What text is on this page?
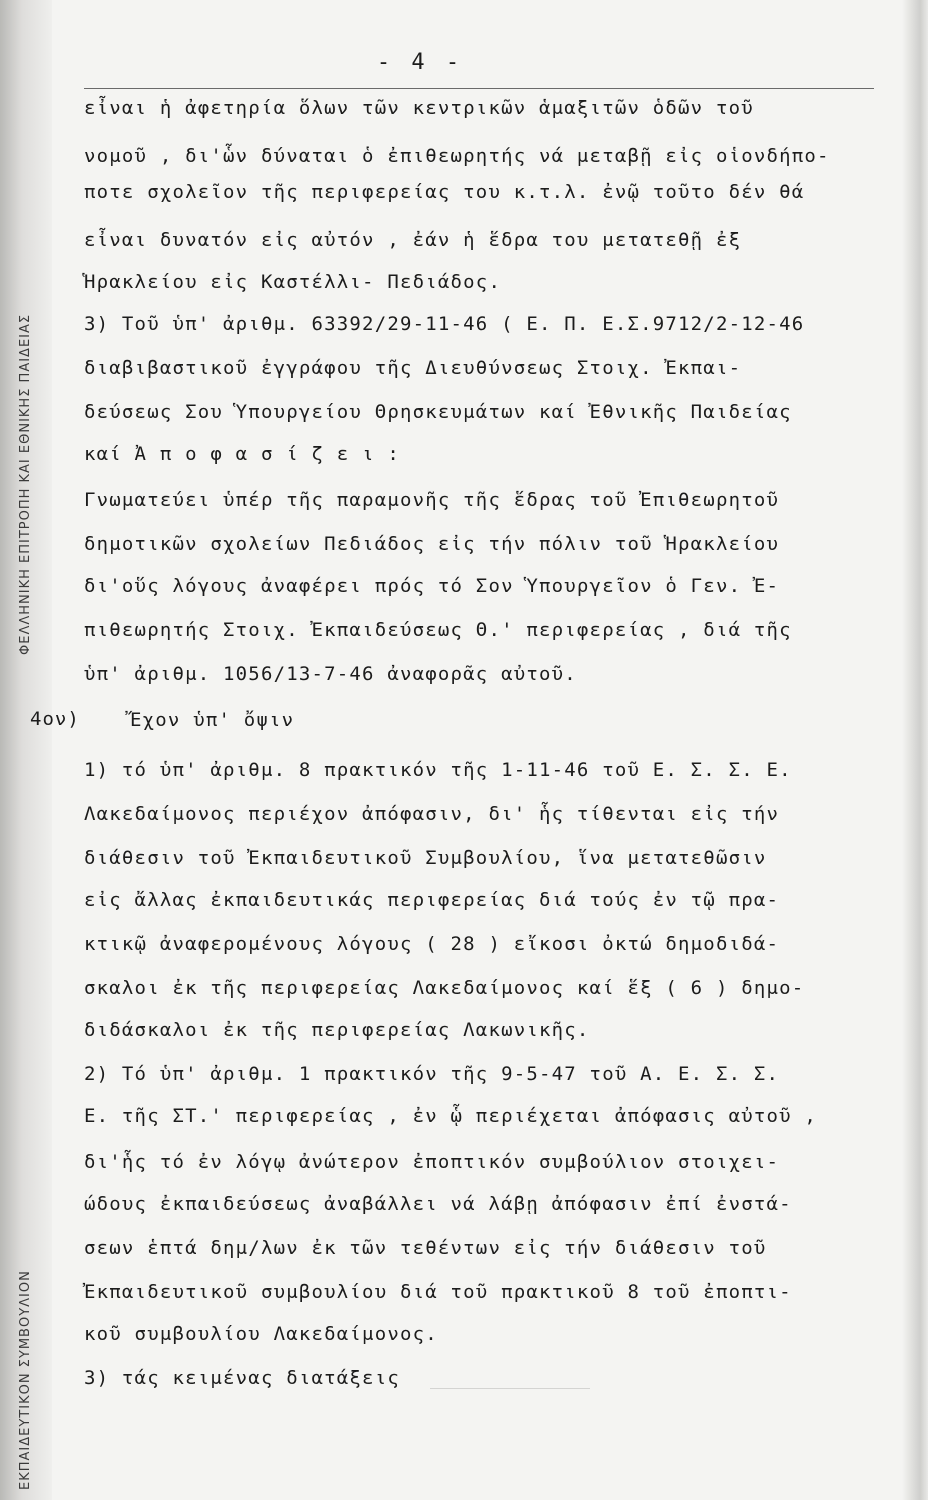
ΦΕΛΛΗΝΙΚΗ ΕΠΙΤΡΟΠΗ ΚΑΙ ΕΘΝΙΚΗΣ ΠΑΙΔΕΙΑΣ
ΕΚΠΑΙΔΕΥΤΙΚΟΝ ΣΥΜΒΟΥΛΙΟΝ
- 4 -
εἶναι ἡ ἀφετηρία ὅλων τῶν κεντρικῶν ἁμαξιτῶν ὁδῶν τοῦ
νομοῦ , δι'ὧν δύναται ὁ ἐπιθεωρητής νά μεταβῇ εἰς οἱονδήπο-
ποτε σχολεῖον τῆς περιφερείας του κ.τ.λ. ἐνῷ τοῦτο δέν θά
εἶναι δυνατόν εἰς αὐτόν , ἐάν ἡ ἕδρα του μετατεθῇ ἐξ
Ἡρακλείου εἰς Καστέλλι- Πεδιάδος.
3) Τοῦ ὑπ' ἀριθμ. 63392/29-11-46 ( Ε. Π. Ε.Σ.9712/2-12-46
διαβιβαστικοῦ ἐγγράφου τῆς Διευθύνσεως Στοιχ. Ἐκπαι-
δεύσεως Σου Ὑπουργείου Θρησκευμάτων καί Ἐθνικῆς Παιδείας
καί Ἀ π ο φ α σ ί ζ ε ι :
Γνωματεύει ὑπέρ τῆς παραμονῆς τῆς ἕδρας τοῦ Ἐπιθεωρητοῦ
δημοτικῶν σχολείων Πεδιάδος εἰς τήν πόλιν τοῦ Ἡρακλείου
δι'οὕς λόγους ἀναφέρει πρός τό Σον Ὑπουργεῖον ὁ Γεν. Ἐ-
πιθεωρητής Στοιχ. Ἐκπαιδεύσεως Θ.' περιφερείας , διά τῆς
ὑπ' ἀριθμ. 1056/13-7-46 ἀναφορᾶς αὐτοῦ.
4ον)	Ἔχον ὑπ' ὄψιν
1) τό ὑπ' ἀριθμ. 8 πρακτικόν τῆς 1-11-46 τοῦ Ε. Σ. Σ. Ε.
Λακεδαίμονος περιέχον ἀπόφασιν, δι' ἧς τίθενται εἰς τήν
διάθεσιν τοῦ Ἐκπαιδευτικοῦ Συμβουλίου, ἵνα μετατεθῶσιν
εἰς ἄλλας ἐκπαιδευτικάς περιφερείας διά τούς ἐν τῷ πρα-
κτικῷ ἀναφερομένους λόγους ( 28 ) εἴκοσι ὀκτώ δημοδιδά-
σκαλοι ἐκ τῆς περιφερείας Λακεδαίμονος καί ἕξ ( 6 ) δημο-
διδάσκαλοι ἐκ τῆς περιφερείας Λακωνικῆς.
2) Τό ὑπ' ἀριθμ. 1 πρακτικόν τῆς 9-5-47 τοῦ Α. Ε. Σ. Σ.
Ε. τῆς ΣΤ.' περιφερείας , ἐν ᾧ περιέχεται ἀπόφασις αὐτοῦ ,
δι'ἧς τό ἐν λόγῳ ἀνώτερον ἐποπτικόν συμβούλιον στοιχει-
ώδους ἐκπαιδεύσεως ἀναβάλλει νά λάβῃ ἀπόφασιν ἐπί ἐνστά-
σεων ἑπτά δημ/λων ἐκ τῶν τεθέντων εἰς τήν διάθεσιν τοῦ
Ἐκπαιδευτικοῦ συμβουλίου διά τοῦ πρακτικοῦ 8 τοῦ ἐποπτι-
κοῦ συμβουλίου Λακεδαίμονος.
3) τάς κειμένας διατάξεις
